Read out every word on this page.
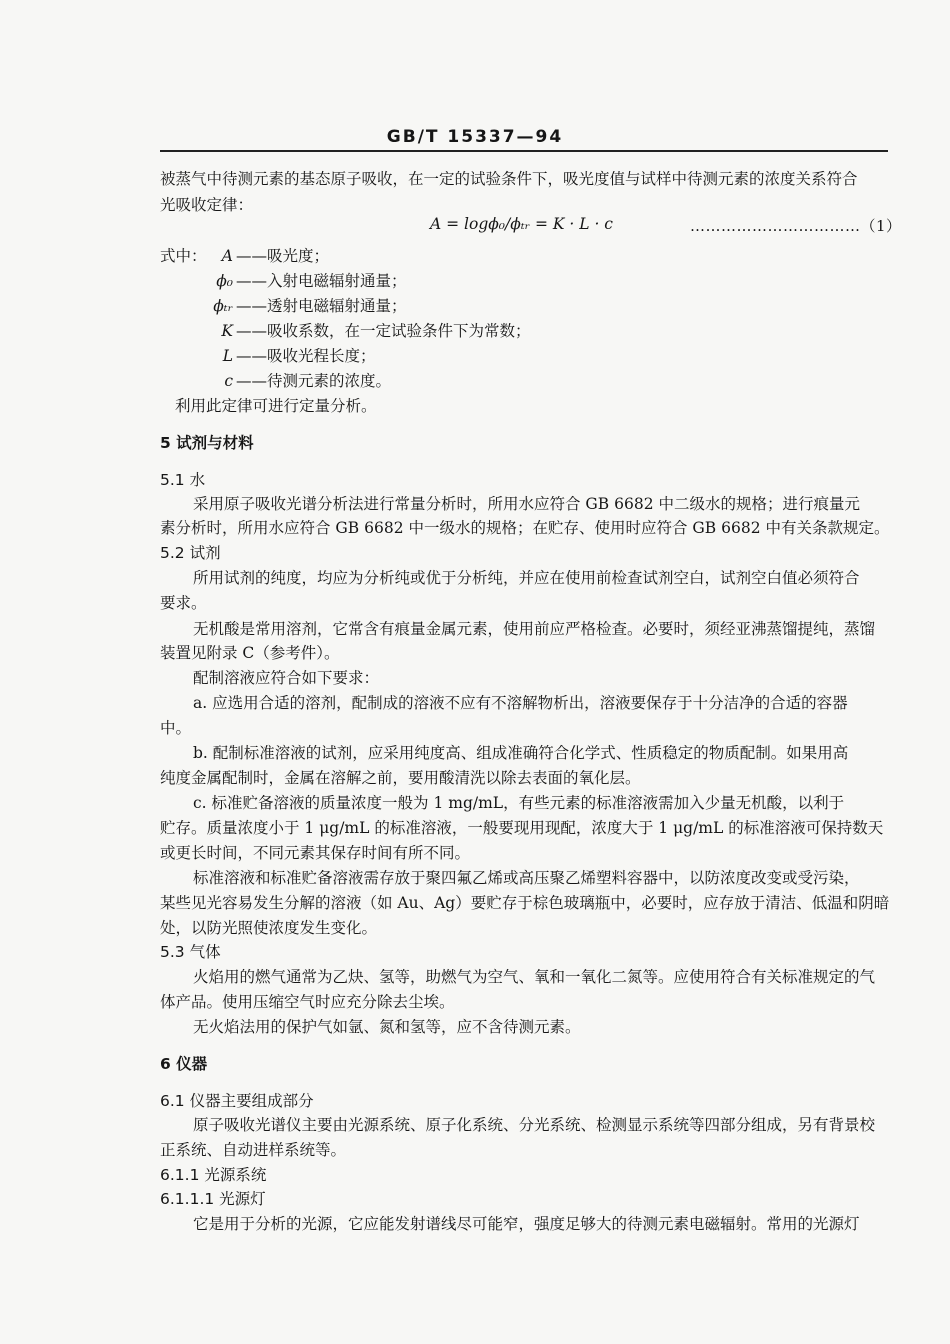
GB/T 15337—94
被蒸气中待测元素的基态原子吸收，在一定的试验条件下，吸光度值与试样中待测元素的浓度关系符合
光吸收定律：
A = logϕ₀/ϕₜᵣ = K · L · c	……………………………（1）
式中： A ——吸光度；
ϕ₀ ——入射电磁辐射通量；
ϕₜᵣ ——透射电磁辐射通量；
K ——吸收系数，在一定试验条件下为常数；
L ——吸收光程长度；
c ——待测元素的浓度。
利用此定律可进行定量分析。
5 试剂与材料
5.1 水
采用原子吸收光谱分析法进行常量分析时，所用水应符合 GB 6682 中二级水的规格；进行痕量元
素分析时，所用水应符合 GB 6682 中一级水的规格；在贮存、使用时应符合 GB 6682 中有关条款规定。
5.2 试剂
所用试剂的纯度，均应为分析纯或优于分析纯，并应在使用前检查试剂空白，试剂空白值必须符合
要求。
无机酸是常用溶剂，它常含有痕量金属元素，使用前应严格检查。必要时，须经亚沸蒸馏提纯，蒸馏
装置见附录 C（参考件）。
配制溶液应符合如下要求：
a. 应选用合适的溶剂，配制成的溶液不应有不溶解物析出，溶液要保存于十分洁净的合适的容器
中。
b. 配制标准溶液的试剂，应采用纯度高、组成准确符合化学式、性质稳定的物质配制。如果用高
纯度金属配制时，金属在溶解之前，要用酸清洗以除去表面的氧化层。
c. 标准贮备溶液的质量浓度一般为 1 mg/mL，有些元素的标准溶液需加入少量无机酸，以利于
贮存。质量浓度小于 1 μg/mL 的标准溶液，一般要现用现配，浓度大于 1 μg/mL 的标准溶液可保持数天
或更长时间，不同元素其保存时间有所不同。
标准溶液和标准贮备溶液需存放于聚四氟乙烯或高压聚乙烯塑料容器中，以防浓度改变或受污染，
某些见光容易发生分解的溶液（如 Au、Ag）要贮存于棕色玻璃瓶中，必要时，应存放于清洁、低温和阴暗
处，以防光照使浓度发生变化。
5.3 气体
火焰用的燃气通常为乙炔、氢等，助燃气为空气、氧和一氧化二氮等。应使用符合有关标准规定的气
体产品。使用压缩空气时应充分除去尘埃。
无火焰法用的保护气如氩、氮和氢等，应不含待测元素。
6 仪器
6.1 仪器主要组成部分
原子吸收光谱仪主要由光源系统、原子化系统、分光系统、检测显示系统等四部分组成，另有背景校
正系统、自动进样系统等。
6.1.1 光源系统
6.1.1.1 光源灯
它是用于分析的光源，它应能发射谱线尽可能窄，强度足够大的待测元素电磁辐射。常用的光源灯
